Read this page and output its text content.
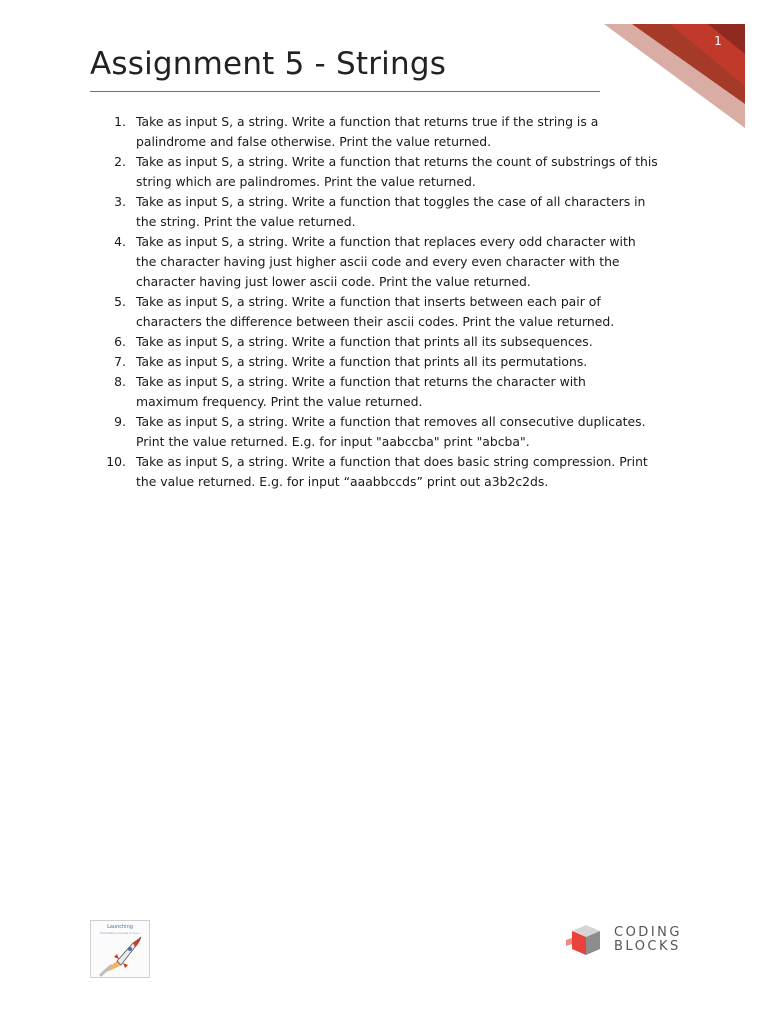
1
Assignment 5 - Strings
1. Take as input S, a string. Write a function that returns true if the string is a
palindrome and false otherwise. Print the value returned.
2. Take as input S, a string. Write a function that returns the count of substrings of this
string which are palindromes. Print the value returned.
3. Take as input S, a string. Write a function that toggles the case of all characters in
the string. Print the value returned.
4. Take as input S, a string. Write a function that replaces every odd character with
the character having just higher ascii code and every even character with the
character having just lower ascii code. Print the value returned.
5. Take as input S, a string. Write a function that inserts between each pair of
characters the difference between their ascii codes. Print the value returned.
6. Take as input S, a string. Write a function that prints all its subsequences.
7. Take as input S, a string. Write a function that prints all its permutations.
8. Take as input S, a string. Write a function that returns the character with
maximum frequency. Print the value returned.
9. Take as input S, a string. Write a function that removes all consecutive duplicates.
Print the value returned. E.g. for input "aabccba" print "abcba".
10. Take as input S, a string. Write a function that does basic string compression. Print
the value returned. E.g. for input “aaabbccds” print out a3b2c2ds.
Launching
Foundation Course in C++	CODING
BLOCKS
